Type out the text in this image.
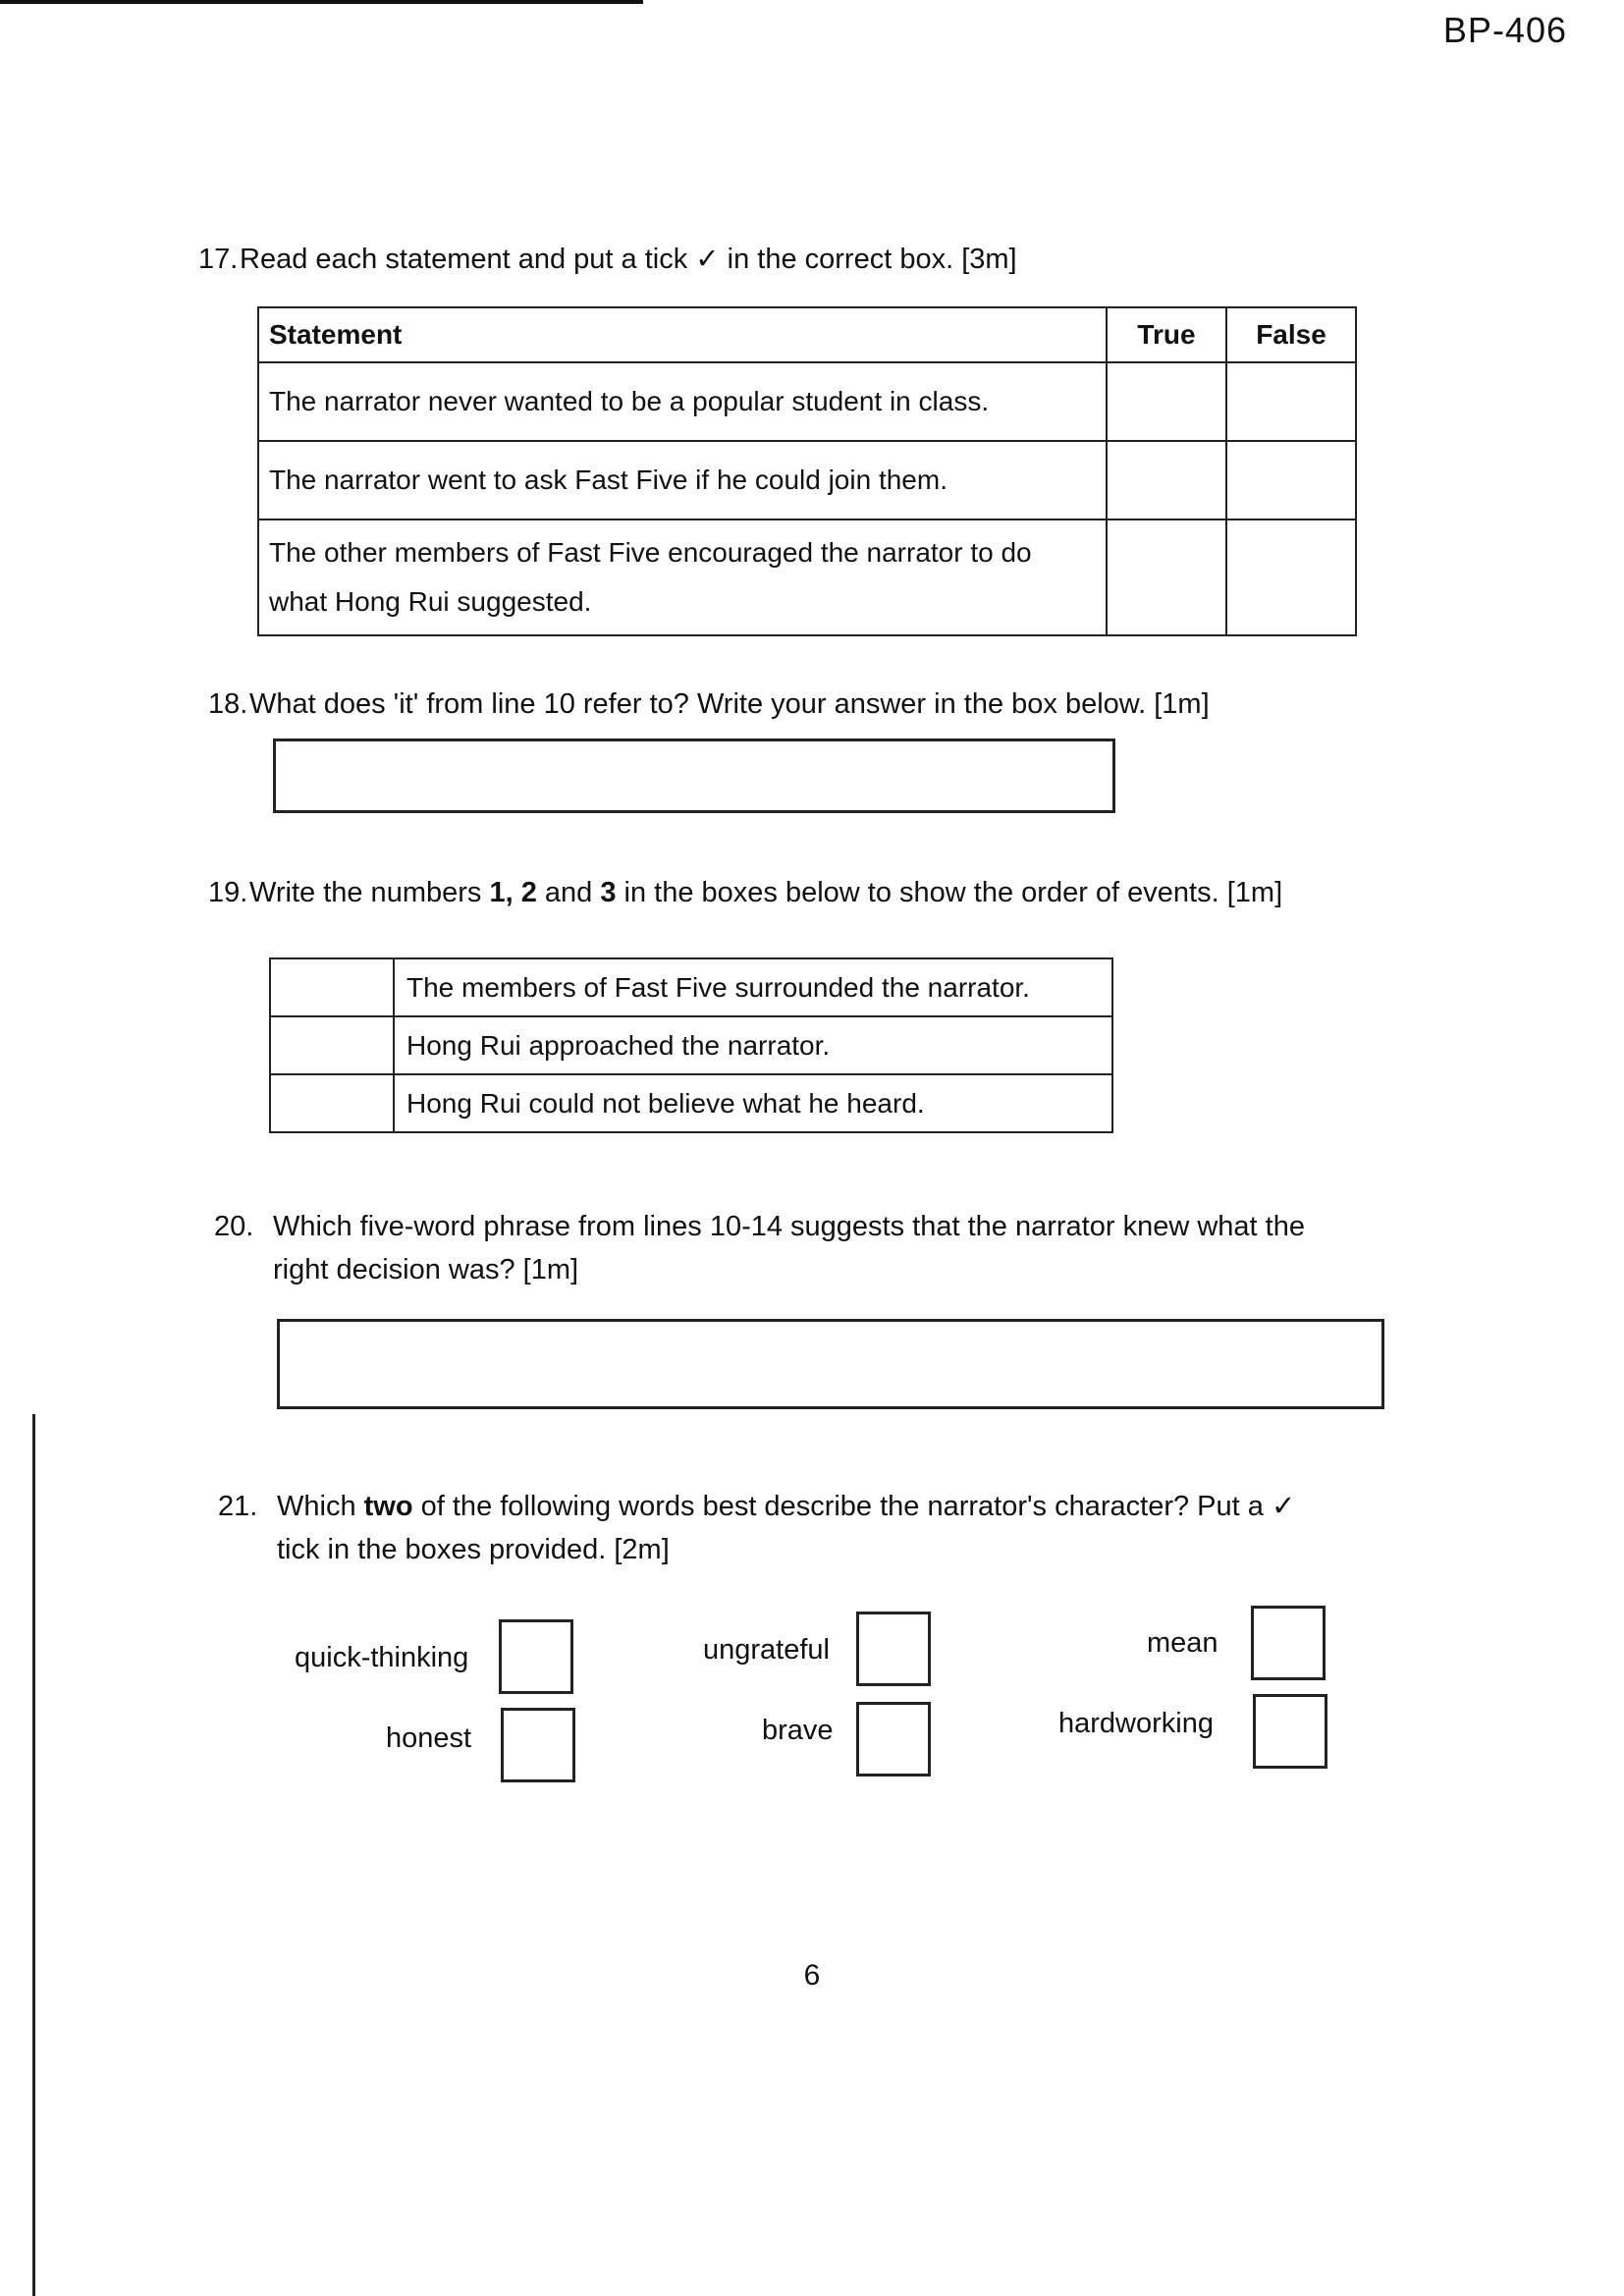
BP-406
17.Read each statement and put a tick ✓ in the correct box. [3m]
Statement	True	False
The narrator never wanted to be a popular student in class.		
The narrator went to ask Fast Five if he could join them.		
The other members of Fast Five encouraged the narrator to do what Hong Rui suggested.		
18.What does 'it' from line 10 refer to? Write your answer in the box below. [1m]
19.Write the numbers 1, 2 and 3 in the boxes below to show the order of events. [1m]
	The members of Fast Five surrounded the narrator.
	Hong Rui approached the narrator.
	Hong Rui could not believe what he heard.
20. Which five-word phrase from lines 10-14 suggests that the narrator knew what the
right decision was? [1m]
21. Which two of the following words best describe the narrator's character? Put a ✓
tick in the boxes provided. [2m]
quick-thinking	ungrateful	mean
honest	brave	hardworking
6
